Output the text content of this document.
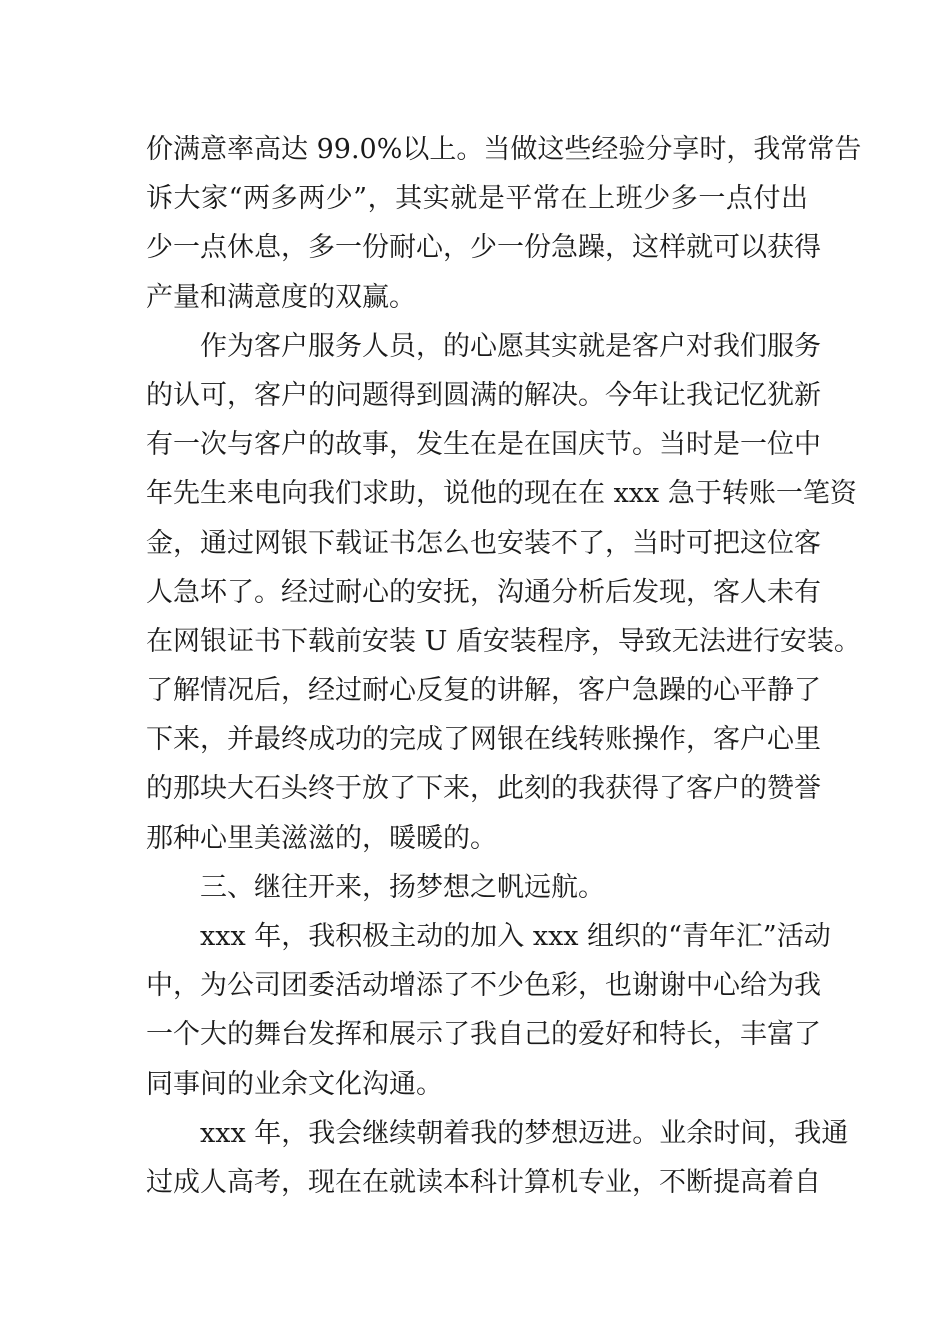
价满意率高达 99.0%以上。当做这些经验分享时，我常常告
诉大家“两多两少”，其实就是平常在上班少多一点付出
少一点休息，多一份耐心，少一份急躁，这样就可以获得
产量和满意度的双赢。
作为客户服务人员，的心愿其实就是客户对我们服务
的认可，客户的问题得到圆满的解决。今年让我记忆犹新
有一次与客户的故事，发生在是在国庆节。当时是一位中
年先生来电向我们求助，说他的现在在 xxx 急于转账一笔资
金，通过网银下载证书怎么也安装不了，当时可把这位客
人急坏了。经过耐心的安抚，沟通分析后发现，客人未有
在网银证书下载前安装 U 盾安装程序，导致无法进行安装。
了解情况后，经过耐心反复的讲解，客户急躁的心平静了
下来，并最终成功的完成了网银在线转账操作，客户心里
的那块大石头终于放了下来，此刻的我获得了客户的赞誉
那种心里美滋滋的，暖暖的。
三、继往开来，扬梦想之帆远航。
xxx 年，我积极主动的加入 xxx 组织的“青年汇”活动
中，为公司团委活动增添了不少色彩，也谢谢中心给为我
一个大的舞台发挥和展示了我自己的爱好和特长，丰富了
同事间的业余文化沟通。
xxx 年，我会继续朝着我的梦想迈进。业余时间，我通
过成人高考，现在在就读本科计算机专业，不断提高着自
